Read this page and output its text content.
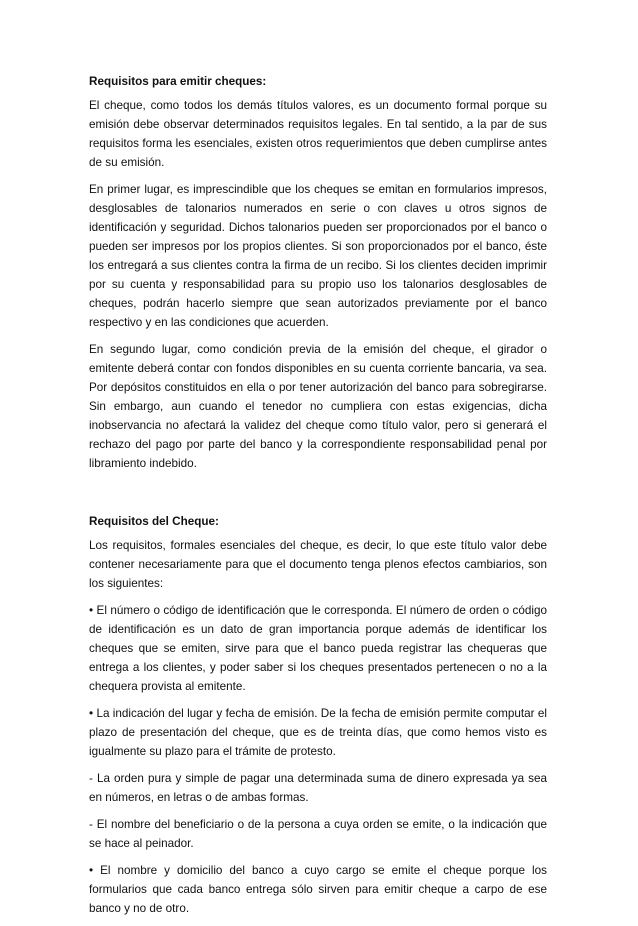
Requisitos para emitir cheques:

El cheque, como todos los demás títulos valores, es un documento formal porque su emisión debe observar determinados requisitos legales. En tal sentido, a la par de sus requisitos forma les esenciales, existen otros requerimientos que deben cumplirse antes de su emisión.

En primer lugar, es imprescindible que los cheques se emitan en formularios impresos, desglosables de talonarios numerados en serie o con claves u otros signos de identificación y seguridad. Dichos talonarios pueden ser proporcionados por el banco o pueden ser impresos por los propios clientes. Si son proporcionados por el banco, éste los entregará a sus clientes contra la firma de un recibo. Si los clientes deciden imprimir por su cuenta y responsabilidad para su propio uso los talonarios desglosables de cheques, podrán hacerlo siempre que sean autorizados previamente por el banco respectivo y en las condiciones que acuerden.

En segundo lugar, como condición previa de la emisión del cheque, el girador o emitente deberá contar con fondos disponibles en su cuenta corriente bancaria, va sea. Por depósitos constituidos en ella o por tener autorización del banco para sobregirarse. Sin embargo, aun cuando el tenedor no cumpliera con estas exigencias, dicha inobservancia no afectará la validez del cheque como título valor, pero si generará el rechazo del pago por parte del banco y la correspondiente responsabilidad penal por libramiento indebido.

Requisitos del Cheque:

Los requisitos, formales esenciales del cheque, es decir, lo que este título valor debe contener necesariamente para que el documento tenga plenos efectos cambiarios, son los siguientes:

• El número o código de identificación que le corresponda. El número de orden o código de identificación es un dato de gran importancia porque además de identificar los cheques que se emiten, sirve para que el banco pueda registrar las chequeras que entrega a los clientes, y poder saber si los cheques presentados pertenecen o no a la chequera provista al emitente.

• La indicación del lugar y fecha de emisión. De la fecha de emisión permite computar el plazo de presentación del cheque, que es de treinta días, que como hemos visto es igualmente su plazo para el trámite de protesto.

- La orden pura y simple de pagar una determinada suma de dinero expresada ya sea en números, en letras o de ambas formas.

- El nombre del beneficiario o de la persona a cuya orden se emite, o la indicación que se hace al peinador.

• El nombre y domicilio del banco a cuyo cargo se emite el cheque porque los formularios que cada banco entrega sólo sirven para emitir cheque a carpo de ese banco y no de otro.
